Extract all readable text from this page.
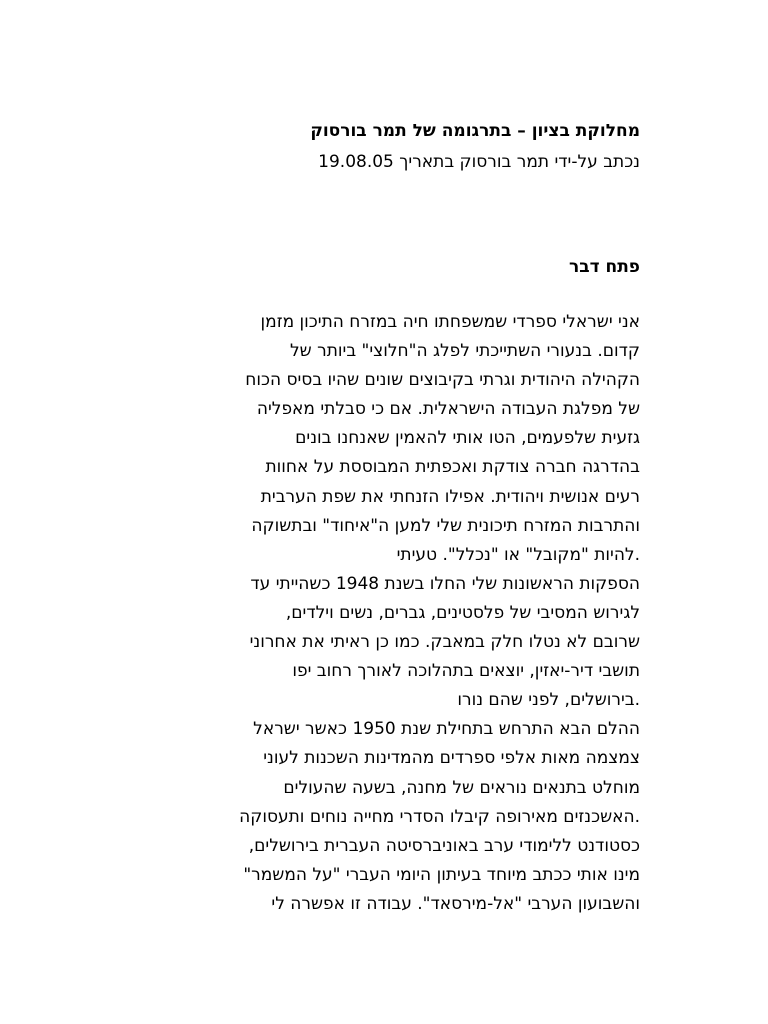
מחלוקת בציון – בתרגומה של תמר בורסוק

נכתב על-ידי תמר בורסוק בתאריך 19.08.05

פתח דבר
אני ישראלי ספרדי שמשפחתו חיה במזרח התיכון מזמן
קדום. בנעורי השתייכתי לפלג ה"חלוצי" ביותר של
הקהילה היהודית וגרתי בקיבוצים שונים שהיו בסיס הכוח
של מפלגת העבודה הישראלית. אם כי סבלתי מאפליה
גזעית שלפעמים, הטו אותי להאמין שאנחנו בונים
בהדרגה חברה צודקת ואכפתית המבוססת על אחוות
רעים אנושית ויהודית. אפילו הזנחתי את שפת הערבית
והתרבות המזרח תיכונית שלי למען ה"איחוד" ובתשוקה
.להיות "מקובל" או "נכלל". טעיתי
הספקות הראשונות שלי החלו בשנת 1948 כשהייתי עד
לגירוש המסיבי של פלסטינים, גברים, נשים וילדים,
שרובם לא נטלו חלק במאבק. כמו כן ראיתי את אחרוני
תושבי דיר-יאזין, יוצאים בתהלוכה לאורך רחוב יפו
.בירושלים, לפני שהם נורו
ההלם הבא התרחש בתחילת שנת 1950 כאשר ישראל
צמצמה מאות אלפי ספרדים מהמדינות השכנות לעוני
מוחלט בתנאים נוראים של מחנה, בשעה שהעולים
.האשכנזים מאירופה קיבלו הסדרי מחייה נוחים ותעסוקה
כסטודנט ללימודי ערב באוניברסיטה העברית בירושלים,
מינו אותי ככתב מיוחד בעיתון היומי העברי "על המשמר"
והשבועון הערבי "אל-מירסאד". עבודה זו אפשרה לי
